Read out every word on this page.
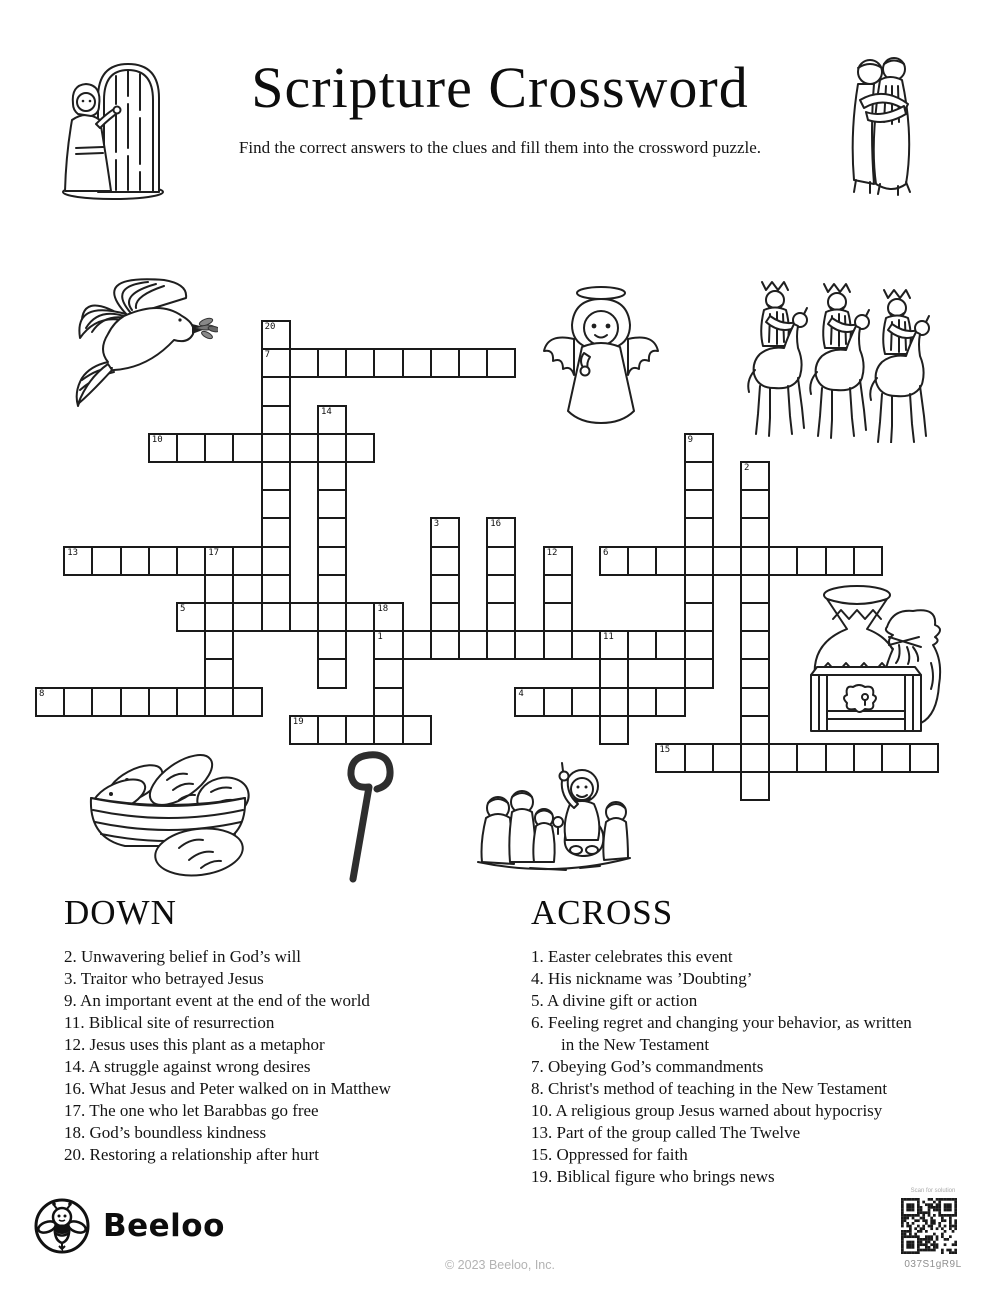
Scripture Crossword
Find the correct answers to the clues and fill them into the crossword puzzle.
1	11
4
5	18
6
7
8
10
13	17
15
19
2
3
9
12
14
16
20
DOWN
2. Unwavering belief in God’s will
3. Traitor who betrayed Jesus
9. An important event at the end of the world
11. Biblical site of resurrection
12. Jesus uses this plant as a metaphor
14. A struggle against wrong desires
16. What Jesus and Peter walked on in Matthew
17. The one who let Barabbas go free
18. God’s boundless kindness
20. Restoring a relationship after hurt
ACROSS
1. Easter celebrates this event
4. His nickname was ’Doubting’
5. A divine gift or action
6. Feeling regret and changing your behavior, as written in the New Testament
7. Obeying God’s commandments
8. Christ's method of teaching in the New Testament
10. A religious group Jesus warned about hypocrisy
13. Part of the group called The Twelve
15. Oppressed for faith
19. Biblical figure who brings news
Beeloo
© 2023 Beeloo, Inc.
Scan for solution
037S1gR9L
